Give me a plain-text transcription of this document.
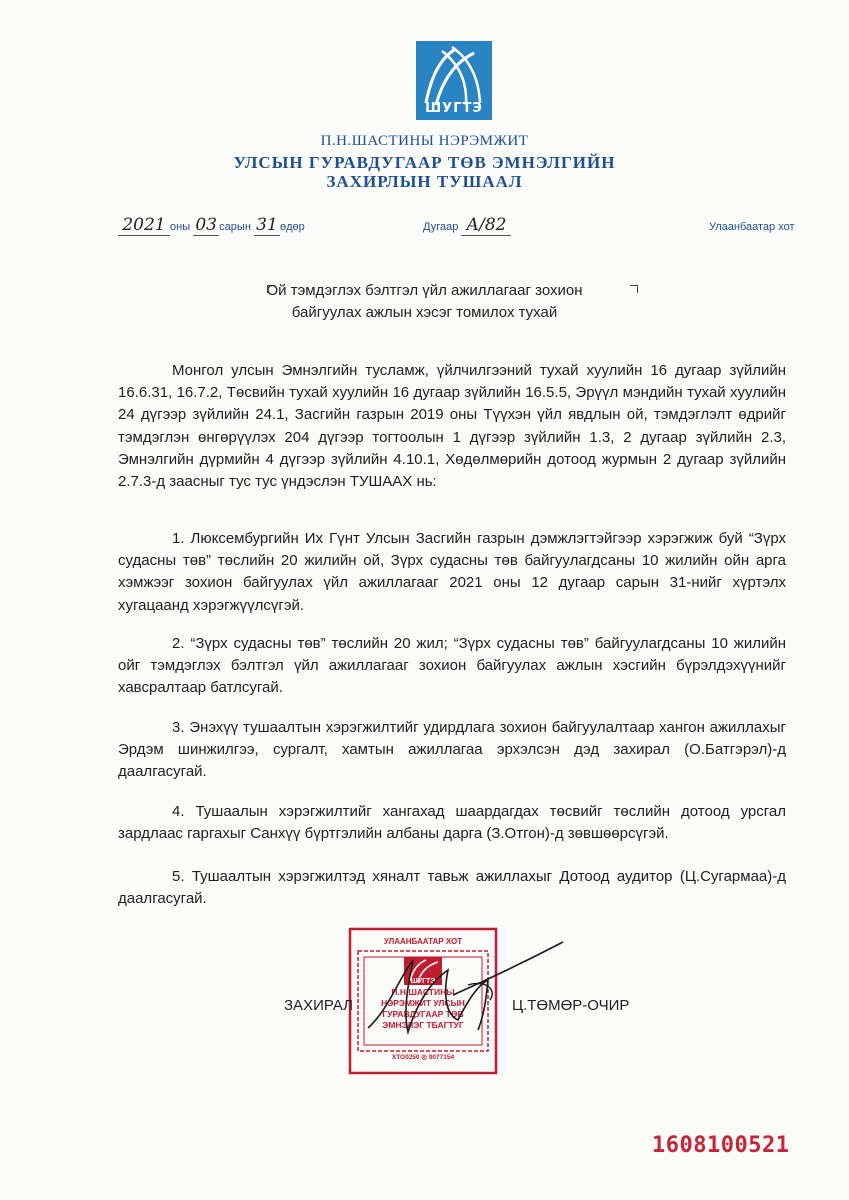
ШУГТЭ
П.Н.ШАСТИНЫ НЭРЭМЖИТ
УЛСЫН ГУРАВДУГААР ТӨВ ЭМНЭЛГИЙН
ЗАХИРЛЫН ТУШААЛ
2021 оны 03 сарын 31 өдөр	Дугаар А/82	Улаанбаатар хот
Ой тэмдэглэх бэлтгэл үйл ажиллагааг зохион
байгуулах ажлын хэсэг томилох тухай

Монгол улсын Эмнэлгийн тусламж, үйлчилгээний тухай хуулийн 16 дугаар зүйлийн 16.6.31, 16.7.2, Төсвийн тухай хуулийн 16 дугаар зүйлийн 16.5.5, Эрүүл мэндийн тухай хуулийн 24 дүгээр зүйлийн 24.1, Засгийн газрын 2019 оны Түүхэн үйл явдлын ой, тэмдэглэлт өдрийг тэмдэглэн өнгөрүүлэх 204 дүгээр тогтоолын 1 дүгээр зүйлийн 1.3, 2 дугаар зүйлийн 2.3, Эмнэлгийн дүрмийн 4 дүгээр зүйлийн 4.10.1, Хөдөлмөрийн дотоод журмын 2 дугаар зүйлийн 2.7.3-д заасныг тус тус үндэслэн ТУШААХ нь:

1. Люксембургийн Их Гүнт Улсын Засгийн газрын дэмжлэгтэйгээр хэрэгжиж буй “Зүрх судасны төв” төслийн 20 жилийн ой, Зүрх судасны төв байгуулагдсаны 10 жилийн ойн арга хэмжээг зохион байгуулах үйл ажиллагааг 2021 оны 12 дугаар сарын 31-нийг хүртэлх хугацаанд хэрэгжүүлсүгэй.

2. “Зүрх судасны төв” төслийн 20 жил; “Зүрх судасны төв” байгуулагдсаны 10 жилийн ойг тэмдэглэх бэлтгэл үйл ажиллагааг зохион байгуулах ажлын хэсгийн бүрэлдэхүүнийг хавсралтаар батлсугай.

3. Энэхүү тушаалтын хэрэгжилтийг удирдлага зохион байгуулалтаар хангон ажиллахыг Эрдэм шинжилгээ, сургалт, хамтын ажиллагаа эрхэлсэн дэд захирал (О.Батгэрэл)-д даалгасугай.

4. Тушаалын хэрэгжилтийг хангахад шаардагдах төсвийг төслийн дотоод урсгал зардлаас гаргахыг Санхүү бүртгэлийн албаны дарга (З.Отгон)-д зөвшөөрсүгэй.

5. Тушаалтын хэрэгжилтэд хяналт тавьж ажиллахыг Дотоод аудитор (Ц.Сугармаа)-д даалгасугай.

УЛААНБААТАР ХОТ
ШУГТЭ
П.Н.ШАСТИНЫ НЭРЭМЖИТ УЛСЫН ГУРАВДУГААР ТӨВ ЭМНЭЛЭГ ТБАГТУГ
ХТО0250 ◎ 9077154
ЗАХИРАЛ	Ц.ТӨМӨР-ОЧИР
1608100521
